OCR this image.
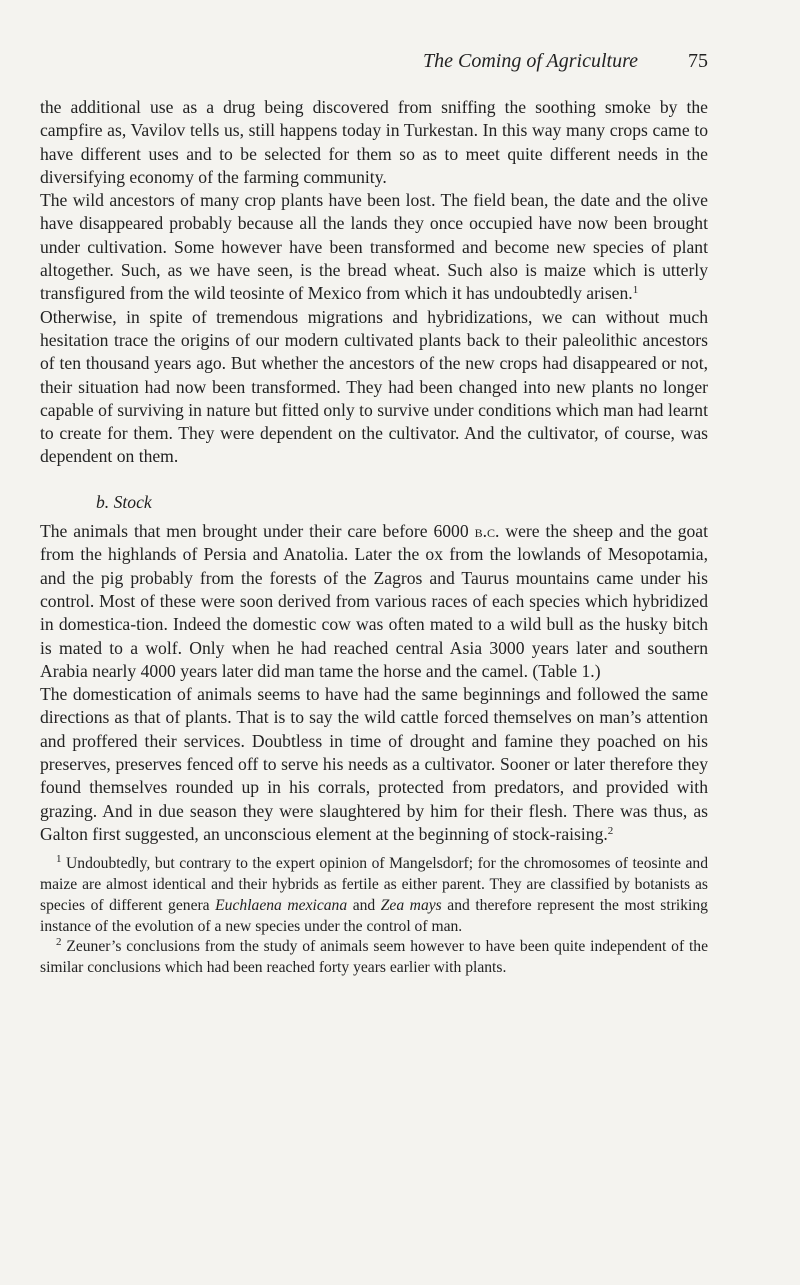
The Coming of Agriculture	75

the additional use as a drug being discovered from sniffing the soothing smoke by the campfire as, Vavilov tells us, still happens today in Turkestan. In this way many crops came to have different uses and to be selected for them so as to meet quite different needs in the diversifying economy of the farming community.

The wild ancestors of many crop plants have been lost. The field bean, the date and the olive have disappeared probably because all the lands they once occupied have now been brought under cultivation. Some however have been transformed and become new species of plant altogether. Such, as we have seen, is the bread wheat. Such also is maize which is utterly transfigured from the wild teosinte of Mexico from which it has undoubtedly arisen.$^1$

Otherwise, in spite of tremendous migrations and hybridizations, we can without much hesitation trace the origins of our modern cultivated plants back to their paleolithic ancestors of ten thousand years ago. But whether the ancestors of the new crops had disappeared or not, their situation had now been transformed. They had been changed into new plants no longer capable of surviving in nature but fitted only to survive under conditions which man had learnt to create for them. They were dependent on the cultivator. And the cultivator, of course, was dependent on them.

b. Stock

The animals that men brought under their care before 6000 b.c. were the sheep and the goat from the highlands of Persia and Anatolia. Later the ox from the lowlands of Mesopotamia, and the pig probably from the forests of the Zagros and Taurus mountains came under his control. Most of these were soon derived from various races of each species which hybridized in domestica-tion. Indeed the domestic cow was often mated to a wild bull as the husky bitch is mated to a wolf. Only when he had reached central Asia 3000 years later and southern Arabia nearly 4000 years later did man tame the horse and the camel. (Table 1.)

The domestication of animals seems to have had the same beginnings and followed the same directions as that of plants. That is to say the wild cattle forced themselves on man’s attention and proffered their services. Doubtless in time of drought and famine they poached on his preserves, preserves fenced off to serve his needs as a cultivator. Sooner or later therefore they found themselves rounded up in his corrals, protected from predators, and provided with grazing. And in due season they were slaughtered by him for their flesh. There was thus, as Galton first suggested, an unconscious element at the beginning of stock-raising.$^2$

$^1$ Undoubtedly, but contrary to the expert opinion of Mangelsdorf; for the chromosomes of teosinte and maize are almost identical and their hybrids as fertile as either parent. They are classified by botanists as species of different genera Euchlaena mexicana and Zea mays and therefore represent the most striking instance of the evolution of a new species under the control of man.

$^2$ Zeuner’s conclusions from the study of animals seem however to have been quite independent of the similar conclusions which had been reached forty years earlier with plants.
